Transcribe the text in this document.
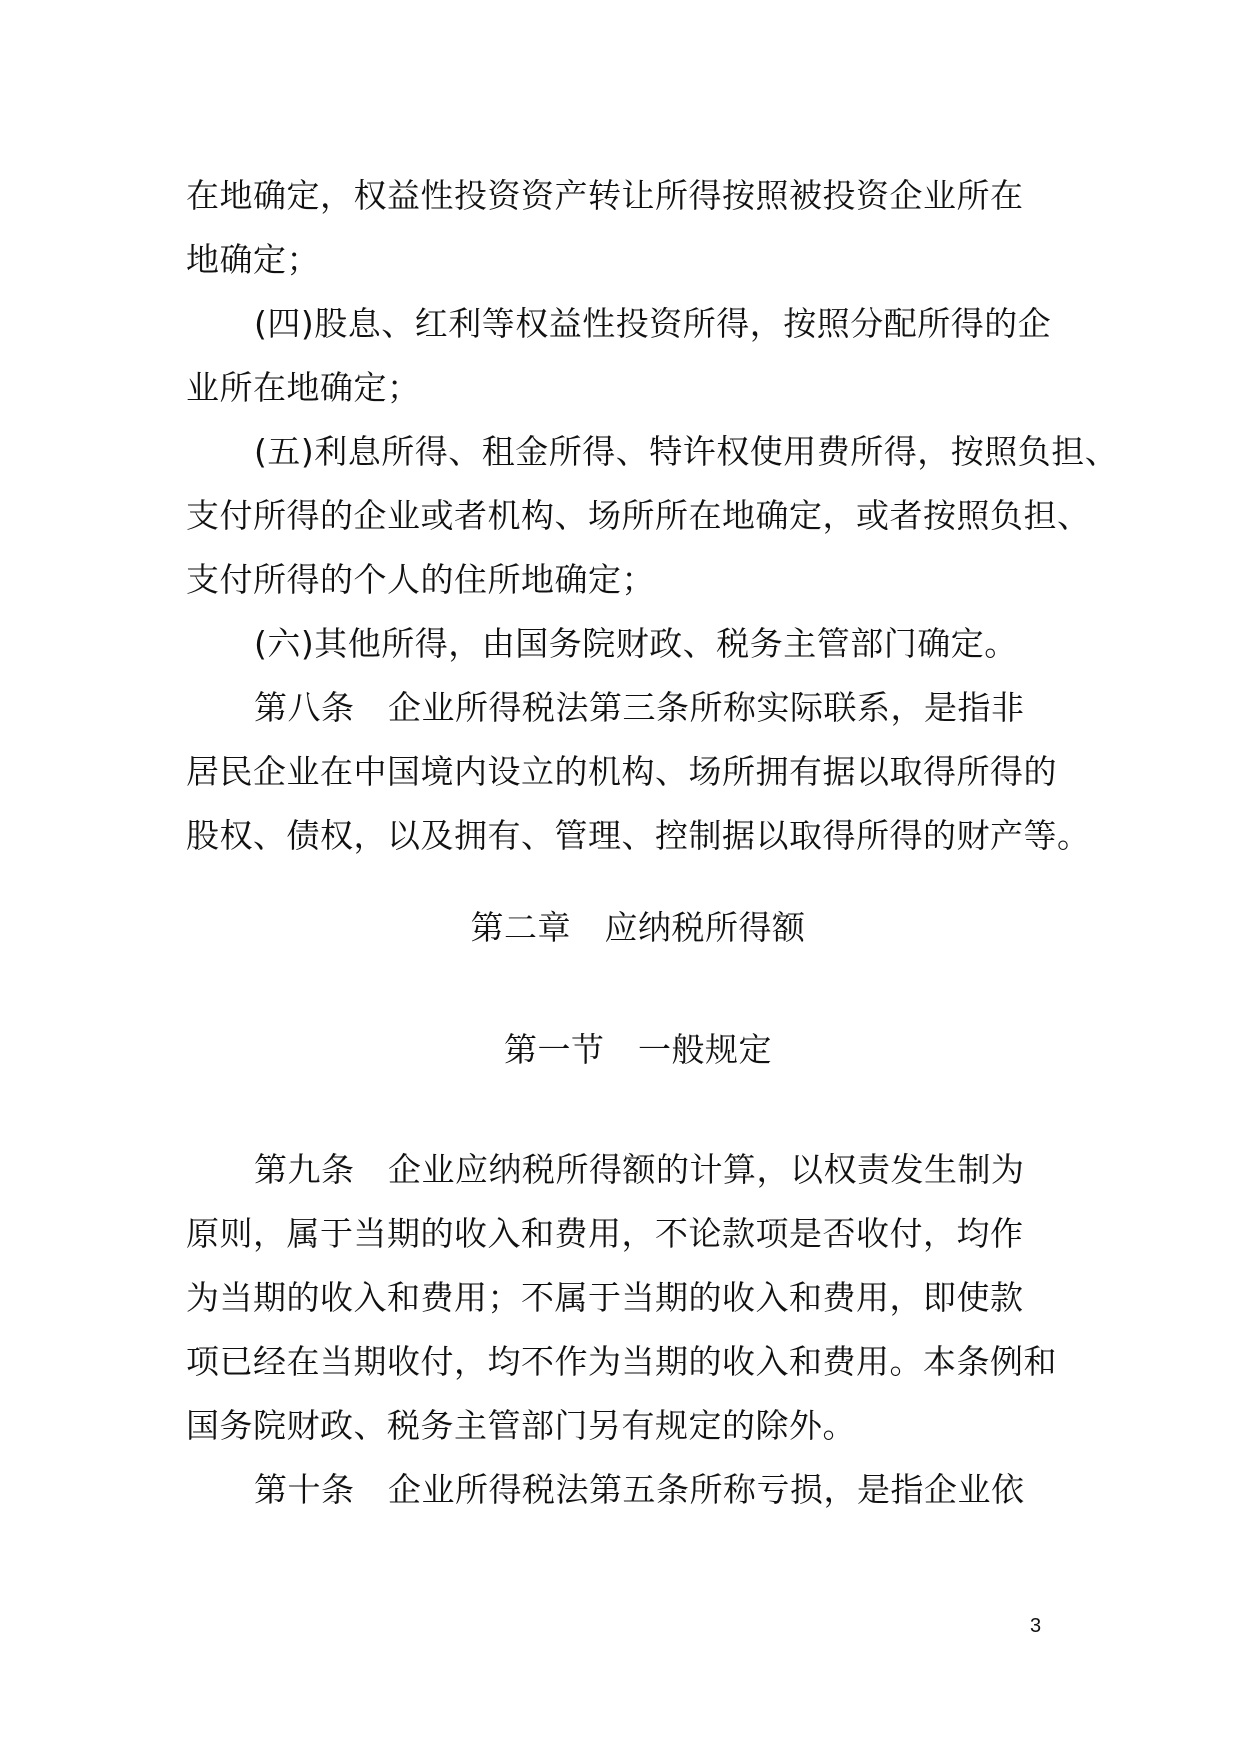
在地确定，权益性投资资产转让所得按照被投资企业所在
地确定；
(四)股息、红利等权益性投资所得，按照分配所得的企
业所在地确定；
(五)利息所得、租金所得、特许权使用费所得，按照负担、
支付所得的企业或者机构、场所所在地确定，或者按照负担、
支付所得的个人的住所地确定；
(六)其他所得，由国务院财政、税务主管部门确定。
第八条　企业所得税法第三条所称实际联系，是指非
居民企业在中国境内设立的机构、场所拥有据以取得所得的
股权、债权，以及拥有、管理、控制据以取得所得的财产等。
第二章　应纳税所得额
第一节　一般规定
第九条　企业应纳税所得额的计算，以权责发生制为
原则，属于当期的收入和费用，不论款项是否收付，均作
为当期的收入和费用；不属于当期的收入和费用，即使款
项已经在当期收付，均不作为当期的收入和费用。本条例和
国务院财政、税务主管部门另有规定的除外。
第十条　企业所得税法第五条所称亏损，是指企业依
3
